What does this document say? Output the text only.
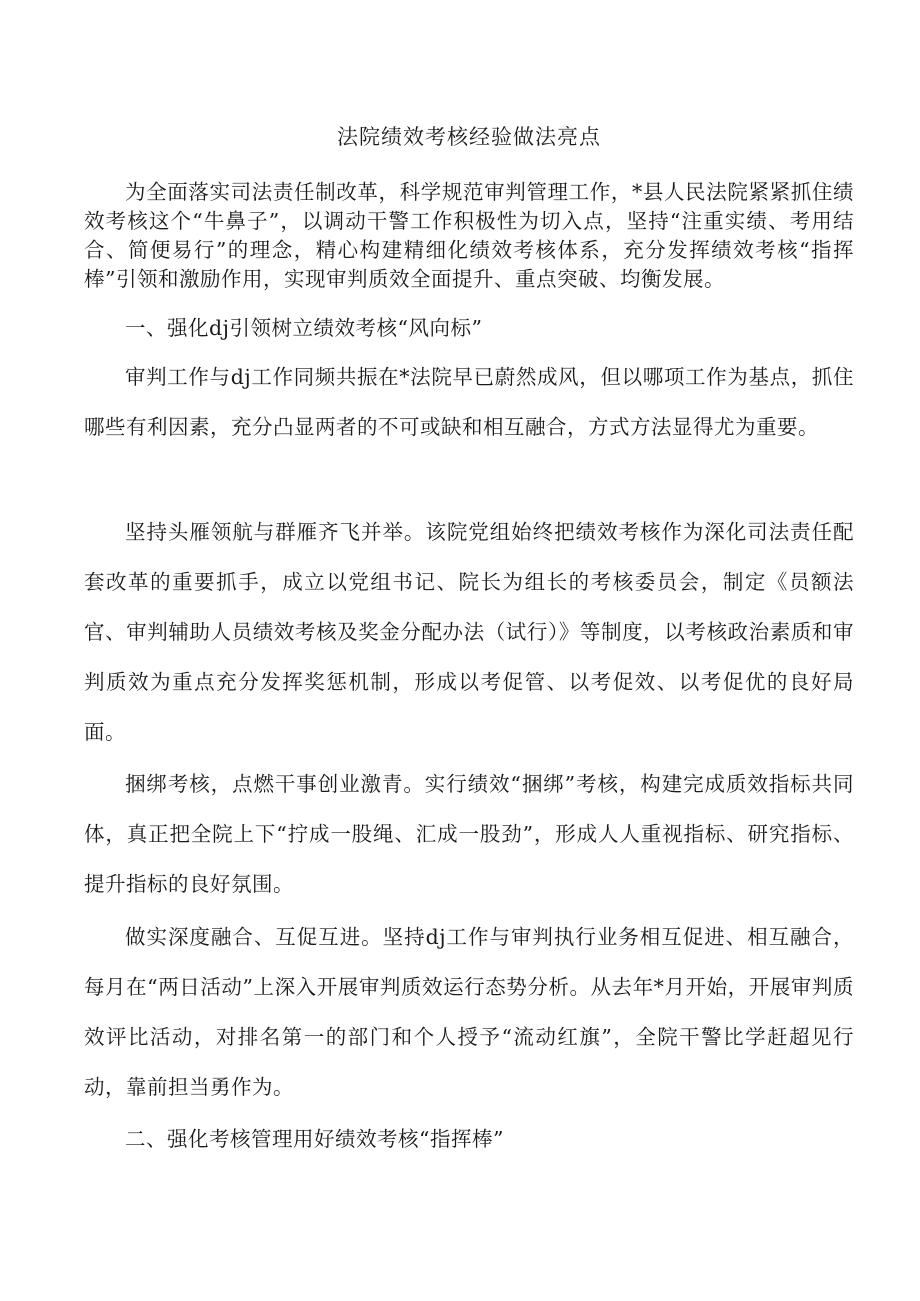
法院绩效考核经验做法亮点

为全面落实司法责任制改革，科学规范审判管理工作，*县人民法院紧紧抓住绩效考核这个“牛鼻子”，以调动干警工作积极性为切入点，坚持“注重实绩、考用结合、简便易行”的理念，精心构建精细化绩效考核体系，充分发挥绩效考核“指挥棒”引领和激励作用，实现审判质效全面提升、重点突破、均衡发展。

一、强化dj引领树立绩效考核“风向标”

审判工作与dj工作同频共振在*法院早已蔚然成风，但以哪项工作为基点，抓住哪些有利因素，充分凸显两者的不可或缺和相互融合，方式方法显得尤为重要。

坚持头雁领航与群雁齐飞并举。该院党组始终把绩效考核作为深化司法责任配套改革的重要抓手，成立以党组书记、院长为组长的考核委员会，制定《员额法官、审判辅助人员绩效考核及奖金分配办法（试行）》等制度，以考核政治素质和审判质效为重点充分发挥奖惩机制，形成以考促管、以考促效、以考促优的良好局面。

捆绑考核，点燃干事创业激青。实行绩效“捆绑”考核，构建完成质效指标共同体，真正把全院上下“拧成一股绳、汇成一股劲”，形成人人重视指标、研究指标、提升指标的良好氛围。

做实深度融合、互促互进。坚持dj工作与审判执行业务相互促进、相互融合，每月在“两日活动”上深入开展审判质效运行态势分析。从去年*月开始，开展审判质效评比活动，对排名第一的部门和个人授予“流动红旗”，全院干警比学赶超见行动，靠前担当勇作为。

二、强化考核管理用好绩效考核“指挥棒”
